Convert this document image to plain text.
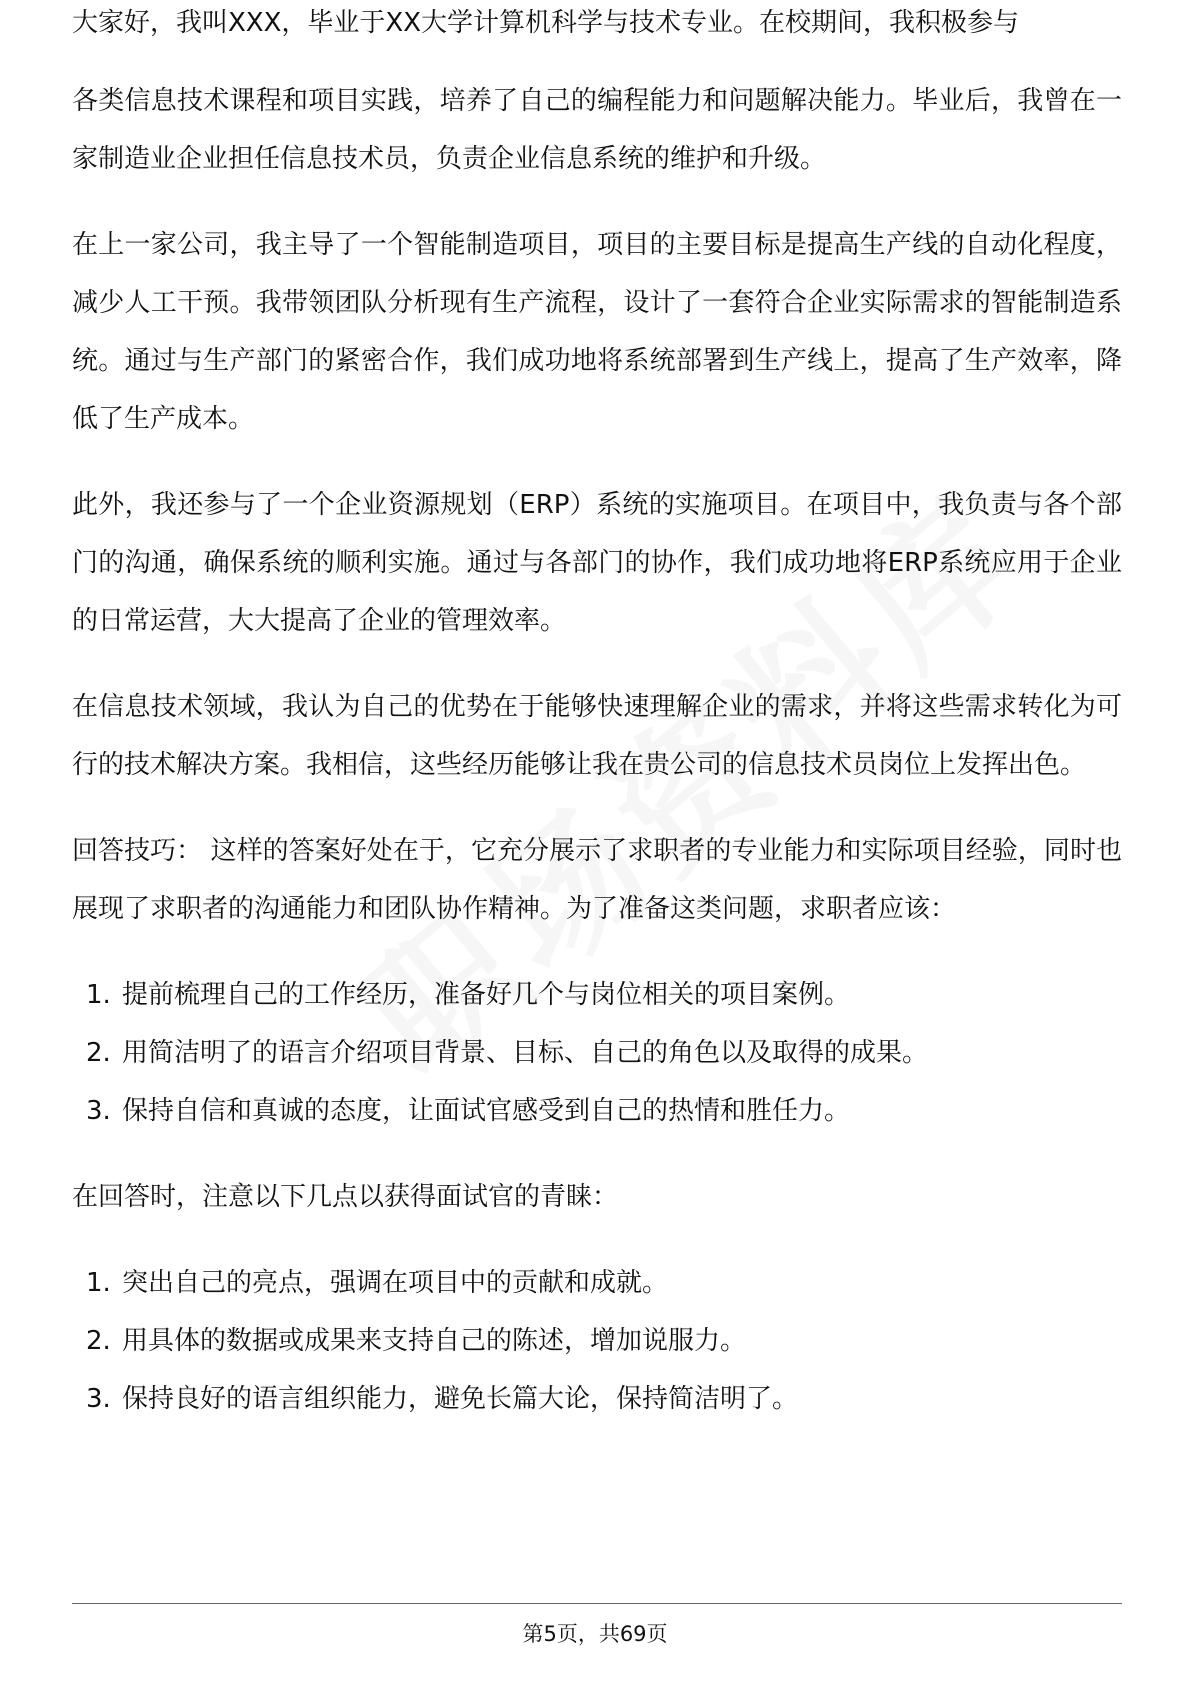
大家好，我叫XXX，毕业于XX大学计算机科学与技术专业。在校期间，我积极参与

各类信息技术课程和项目实践，培养了自己的编程能力和问题解决能力。毕业后，我曾在一家制造业企业担任信息技术员，负责企业信息系统的维护和升级。

在上一家公司，我主导了一个智能制造项目，项目的主要目标是提高生产线的自动化程度，减少人工干预。我带领团队分析现有生产流程，设计了一套符合企业实际需求的智能制造系统。通过与生产部门的紧密合作，我们成功地将系统部署到生产线上，提高了生产效率，降低了生产成本。

此外，我还参与了一个企业资源规划（ERP）系统的实施项目。在项目中，我负责与各个部门的沟通，确保系统的顺利实施。通过与各部门的协作，我们成功地将ERP系统应用于企业的日常运营，大大提高了企业的管理效率。

在信息技术领域，我认为自己的优势在于能够快速理解企业的需求，并将这些需求转化为可行的技术解决方案。我相信，这些经历能够让我在贵公司的信息技术员岗位上发挥出色。

回答技巧： 这样的答案好处在于，它充分展示了求职者的专业能力和实际项目经验，同时也展现了求职者的沟通能力和团队协作精神。为了准备这类问题，求职者应该：

1. 提前梳理自己的工作经历，准备好几个与岗位相关的项目案例。
2. 用简洁明了的语言介绍项目背景、目标、自己的角色以及取得的成果。
3. 保持自信和真诚的态度，让面试官感受到自己的热情和胜任力。

在回答时，注意以下几点以获得面试官的青睐：

1. 突出自己的亮点，强调在项目中的贡献和成就。
2. 用具体的数据或成果来支持自己的陈述，增加说服力。
3. 保持良好的语言组织能力，避免长篇大论，保持简洁明了。
第5页，共69页
